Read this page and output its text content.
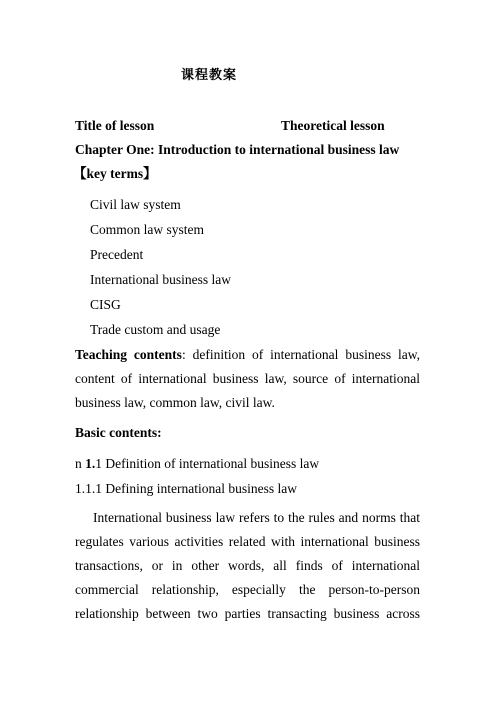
课程教案
Title of lesson	Theoretical lesson
Chapter One: Introduction to international business law
【key terms】
Civil law system
Common law system
Precedent
International business law
CISG
Trade custom and usage
Teaching contents: definition of international business law,
content of international business law, source of international
business law, common law, civil law.
Basic contents:
n 1.1 Definition of international business law
1.1.1 Defining international business law
International business law refers to the rules and norms that
regulates various activities related with international business
transactions, or in other words, all finds of international
commercial relationship, especially the person-to-person
relationship between two parties transacting business across
